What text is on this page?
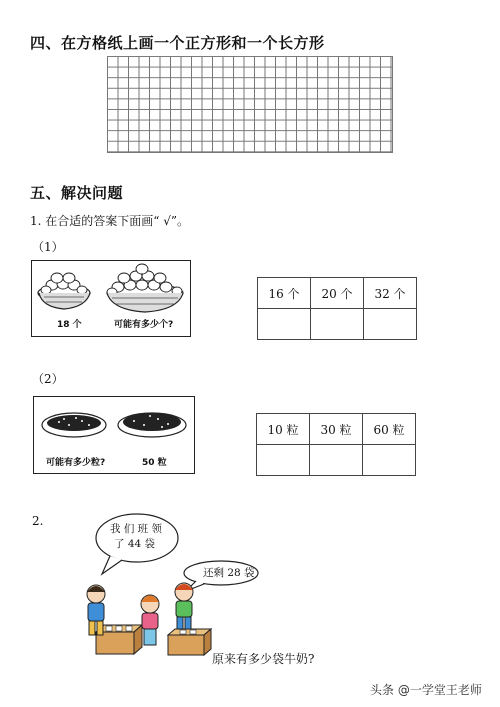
四、在方格纸上画一个正方形和一个长方形
五、解决问题
1. 在合适的答案下面画“ √”。
（1）
18 个	可能有多少个?
16 个	20 个	32 个

（2）
可能有多少粒?	50 粒
10 粒	30 粒	60 粒

2.
我 们 班 领
了 44 袋
还剩 28 袋
原来有多少袋牛奶?
头条 @一学堂王老师
